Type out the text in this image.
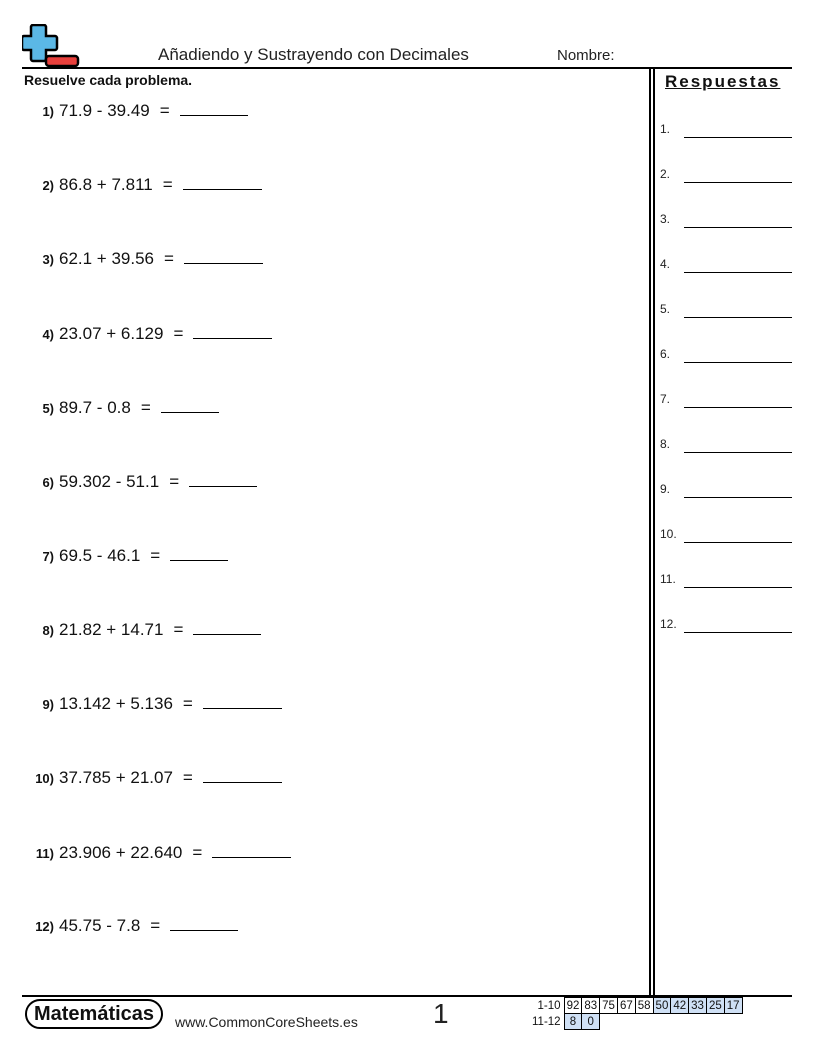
Añadiendo y Sustrayendo con Decimales	Nombre:
Resuelve cada problema.
1) 71.9 - 39.49 =
2) 86.8 + 7.811 =
3) 62.1 + 39.56 =
4) 23.07 + 6.129 =
5) 89.7 - 0.8 =
6) 59.302 - 51.1 =
7) 69.5 - 46.1 =
8) 21.82 + 14.71 =
9) 13.142 + 5.136 =
10) 37.785 + 21.07 =
11) 23.906 + 22.640 =
12) 45.75 - 7.8 =
Respuestas
1.
2.
3.
4.
5.
6.
7.
8.
9.
10.
11.
12.
Matemáticas	www.CommonCoreSheets.es	1	1-10	92	83	75	67	58	50	42	33	25	17
11-12	8	0								
